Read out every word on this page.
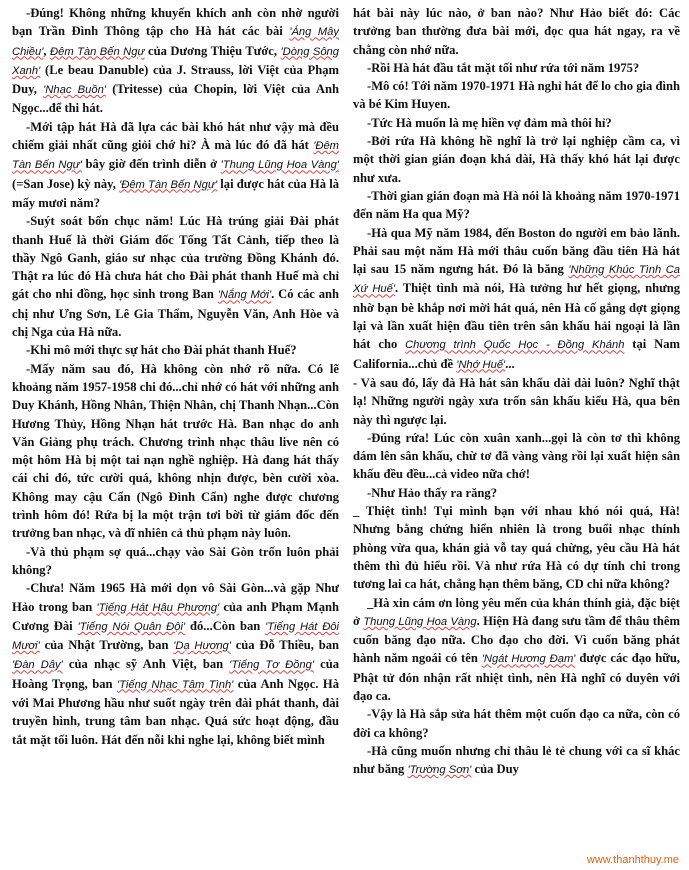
-Đúng! Không những khuyến khích anh còn nhờ người bạn Trần Đình Thông tập cho Hà hát các bài 'Áng Mây Chiều', Đêm Tàn Bến Ngự của Dương Thiệu Tước, 'Dòng Sông Xanh' (Le beau Danuble) của J. Strauss, lời Việt của Phạm Duy, 'Nhạc Buồn' (Tritesse) của Chopin, lời Việt của Anh Ngọc...để thi hát.

-Mới tập hát Hà đã lựa các bài khó hát như vậy mà đều chiếm giải nhất cũng giỏi chớ hỉ? À mà lúc đó đã hát 'Đêm Tàn Bến Ngự' bây giờ đến trình diễn ở 'Thung Lũng Hoa Vàng' (=San Jose) kỳ này, 'Đêm Tàn Bến Ngự' lại được hát của Hà là mấy mươi năm?

-Suýt soát bốn chục năm! Lúc Hà trúng giải Đài phát thanh Huế là thời Giám đốc Tống Tất Cảnh, tiếp theo là thầy Ngô Ganh, giáo sư nhạc của trường Đồng Khánh đó. Thật ra lúc đó Hà chưa hát cho Đài phát thanh Huế mà chỉ gát cho nhi đồng, học sinh trong Ban 'Nắng Mới'. Có các anh chị như Ưng Sơn, Lê Gia Thẩm, Nguyễn Văn, Anh Hòe và chị Nga của Hà nữa.

-Khi mô mới thực sự hát cho Đài phát thanh Huế?

-Mấy năm sau đó, Hà không còn nhớ rõ nữa. Có lẽ khoảng năm 1957-1958 chi đó...chỉ nhớ có hát với những anh Duy Khánh, Hồng Nhân, Thiện Nhân, chị Thanh Nhạn...Còn Hương Thủy, Hồng Nhạn hát trước Hà. Ban nhạc do anh Văn Giảng phụ trách. Chương trình nhạc thâu live nên có một hôm Hà bị một tai nạn nghề nghiệp. Hà đang hát thấy cái chi đó, tức cười quá, không nhịn được, bèn cười xòa. Không may cậu Cẩn (Ngô Đình Cẩn) nghe được chương trình hôm đó! Rứa bị la một trận tơi bời từ giám đốc đến trưởng ban nhạc, và dĩ nhiên cả thủ phạm này luôn.

-Và thủ phạm sợ quá...chạy vào Sài Gòn trốn luôn phải không?

-Chưa! Năm 1965 Hà mới dọn vô Sài Gòn...và gặp Như Hảo trong ban 'Tiếng Hát Hậu Phương' của anh Phạm Mạnh Cương Đài 'Tiếng Nói Quân Đội' đó...Còn ban 'Tiếng Hát Đôi Mươi' của Nhật Trường, ban 'Dạ Hương' của Đỗ Thiều, ban 'Đàn Dây' của nhạc sỹ Anh Việt, ban 'Tiếng Tơ Đồng' của Hoàng Trọng, ban 'Tiếng Nhạc Tâm Tình' của Anh Ngọc. Hà với Mai Phương hầu như suốt ngày trên đài phát thanh, đài truyền hình, trung tâm ban nhạc. Quá sức hoạt động, đầu tắt mặt tối luôn. Hát đến nỗi khi nghe lại, không biết mình

hát bài này lúc nào, ở ban nào? Như Hảo biết đó: Các trưởng ban thường đưa bài mới, đọc qua hát ngay, ra về chẳng còn nhớ nữa.

-Rồi Hà hát đầu tắt mặt tối như rứa tới năm 1975?

-Mô có! Tới năm 1970-1971 Hà nghỉ hát để lo cho gia đình và bé Kim Huyen.

-Tức Hà muốn là mẹ hiền vợ đảm mà thôi hỉ?

-Bởi rứa Hà không hề nghĩ là trở lại nghiệp cầm ca, vì một thời gian gián đoạn khá dài, Hà thấy khó hát lại được như xưa.

-Thời gian gián đoạn mà Hà nói là khoảng năm 1970-1971 đến năm Ha qua Mỹ?

-Hà qua Mỹ năm 1984, đến Boston do người em bảo lãnh. Phải sau một năm Hà mới thâu cuốn băng đầu tiên Hà hát lại sau 15 năm ngưng hát. Đó là băng 'Những Khúc Tình Ca Xứ Huế'. Thiệt tình mà nói, Hà tưởng hư hết giọng, nhưng nhờ bạn bè khắp nơi mời hát quá, nên Hà cố gắng dợt giọng lại và lần xuất hiện đầu tiên trên sân khấu hải ngoại là lần hát cho Chương trình Quốc Học - Đồng Khánh tại Nam California...chủ đề 'Nhớ Huế'...

- Và sau đó, lấy đà Hà hát sân khấu dài dài luôn? Nghĩ thật lạ! Những người ngày xưa trốn sân khấu kiểu Hà, qua bên này thì ngược lại.

-Đúng rứa! Lúc còn xuân xanh...gọi là còn tơ thì không dám lên sân khấu, chừ tơ đã vàng vàng rồi lại xuất hiện sân khấu đều đều...cả video nữa chớ!

-Như Hảo thấy ra răng?

_ Thiệt tình! Tụi mình bạn với nhau khó nói quá, Hà! Nhưng bằng chứng hiển nhiên là trong buổi nhạc thính phòng vừa qua, khán giả vỗ tay quá chừng, yêu cầu Hà hát thêm thì đủ hiểu rồi. Và như rứa Hà có dự tính chi trong tương lai ca hát, chẳng hạn thêm băng, CD chi nữa không?

_Hà xin cám ơn lòng yêu mến của khán thính giả, đặc biệt ở Thung Lũng Hoa Vàng. Hiện Hà đang sưu tầm để thâu thêm cuốn băng đạo nữa. Cho đạo cho đời. Vì cuốn băng phát hành năm ngoái có tên 'Ngát Hương Đạm' được các đạo hữu, Phật tử đón nhận rất nhiệt tình, nên Hà nghĩ có duyên với đạo ca.

-Vậy là Hà sắp sửa hát thêm một cuốn đạo ca nữa, còn có đời ca không?

-Hà cũng muốn nhưng chỉ thâu lẻ tẻ chung với ca sĩ khác như băng 'Trường Sơn' của Duy

www.thanhthuy.me
